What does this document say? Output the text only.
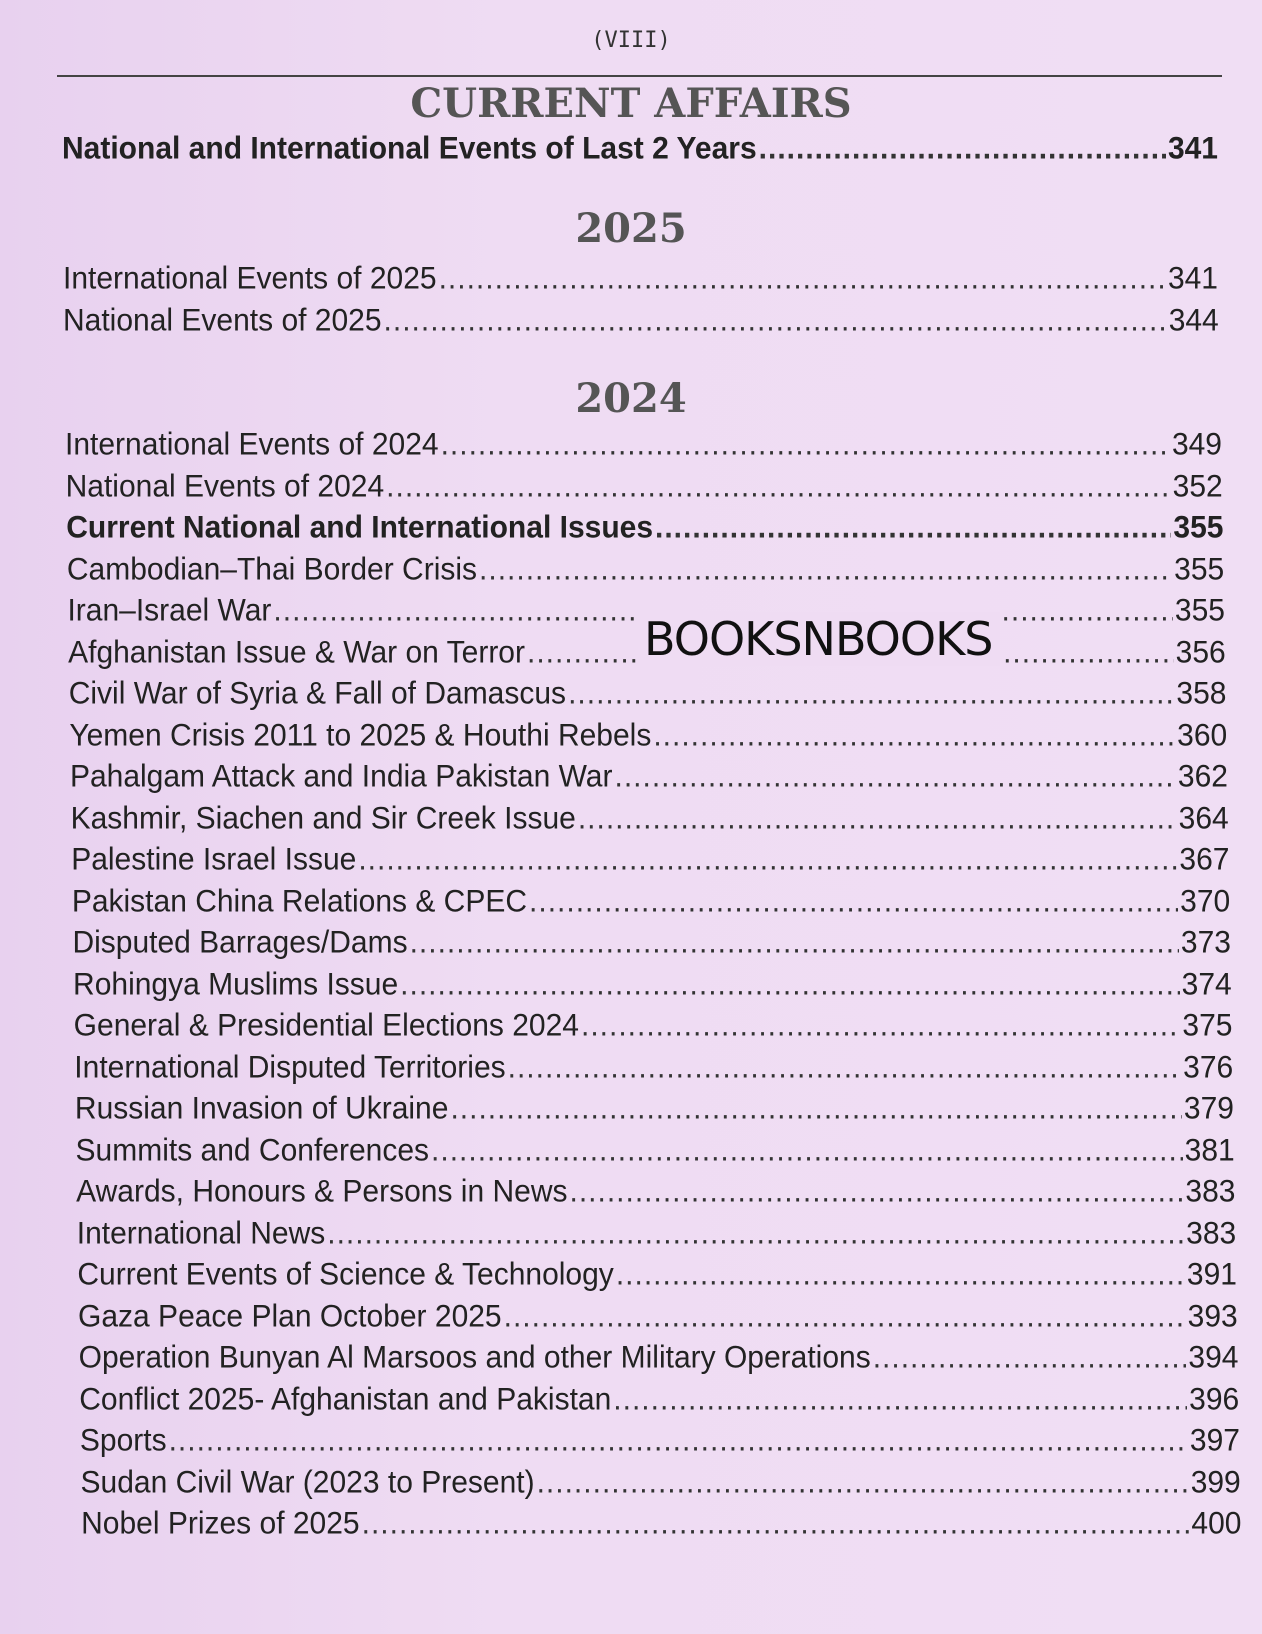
(VIII)
CURRENT AFFAIRS
National and International Events of Last 2 Years .....	341
2025
International Events of 2025 .....	341
National Events of 2025 .....	344
2024
International Events of 2024 .....	349
National Events of 2024 .....	352
Current National and International Issues .....	355
Cambodian–Thai Border Crisis .....	355
Iran–Israel War .....	355
Afghanistan Issue & War on Terror .....	356
Civil War of Syria & Fall of Damascus .....	358
Yemen Crisis 2011 to 2025 & Houthi Rebels .....	360
Pahalgam Attack and India Pakistan War .....	362
Kashmir, Siachen and Sir Creek Issue .....	364
Palestine Israel Issue .....	367
Pakistan China Relations & CPEC .....	370
Disputed Barrages/Dams .....	373
Rohingya Muslims Issue .....	374
General & Presidential Elections 2024 .....	375
International Disputed Territories .....	376
Russian Invasion of Ukraine .....	379
Summits and Conferences .....	381
Awards, Honours & Persons in News .....	383
International News .....	383
Current Events of Science & Technology .....	391
Gaza Peace Plan October 2025 .....	393
Operation Bunyan Al Marsoos and other Military Operations .....	394
Conflict 2025- Afghanistan and Pakistan .....	396
Sports .....	397
Sudan Civil War (2023 to Present) .....	399
Nobel Prizes of 2025 .....	400
BOOKSNBOOKS
